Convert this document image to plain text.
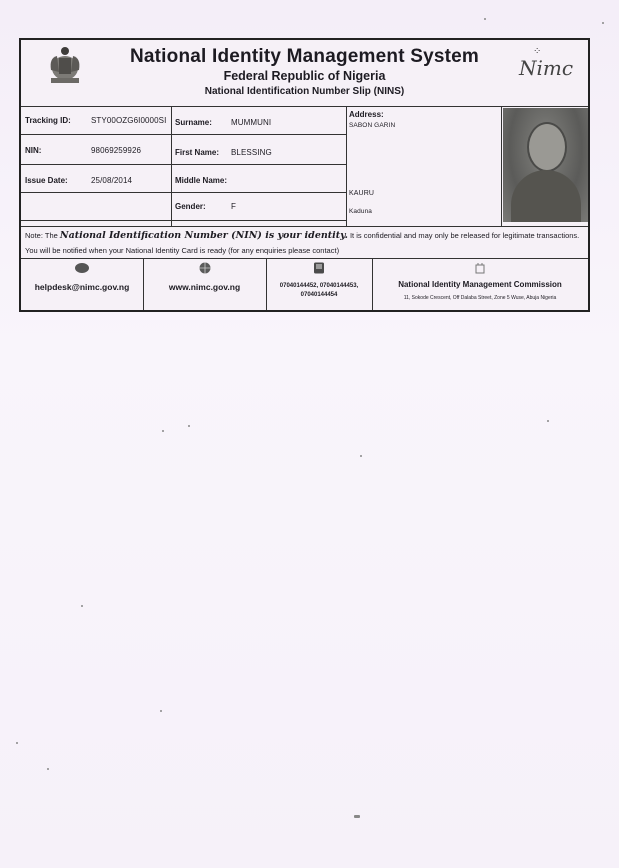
National Identity Management System
Federal Republic of Nigeria
National Identification Number Slip (NINS)
⁘
Nimc
Tracking ID:	STY00OZG6I0000SI
NIN:	98069259926
Issue Date:	25/08/2014
Surname:	MUMMUNI
First Name:	BLESSING
Middle Name:
Gender:	F
Address:
SABON GARIN
KAURU
Kaduna
Note: The National Identification Number (NIN) is your identity. It is confidential and may only be released for legitimate transactions.
You will be notified when your National Identity Card is ready (for any enquiries please contact)
helpdesk@nimc.gov.ng	www.nimc.gov.ng	07040144452, 07040144453,
07040144454
National Identity Management Commission
11, Sokode Crescent, Off Dalaba Street, Zone 5 Wuse, Abuja Nigeria
